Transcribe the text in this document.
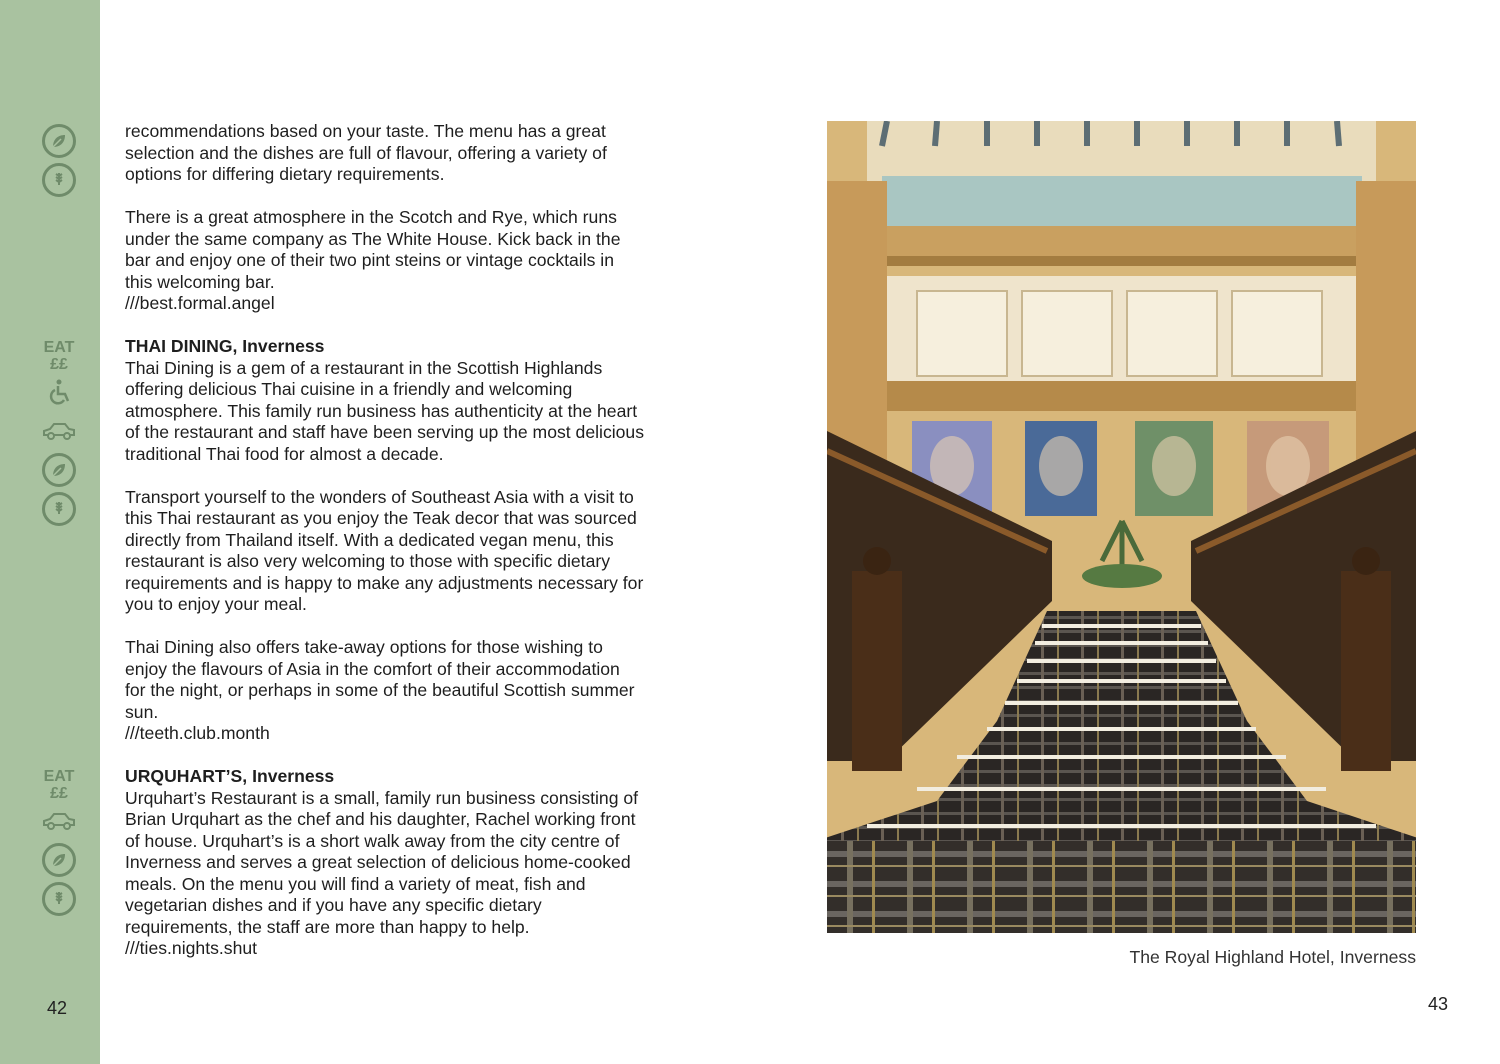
EAT
££
EAT
££
42

recommendations based on your taste. The menu has a great selection and the dishes are full of flavour, offering a variety of options for differing dietary requirements.

There is a great atmosphere in the Scotch and Rye, which runs under the same company as The White House. Kick back in the bar and enjoy one of their two pint steins or vintage cocktails in this welcoming bar.

///best.formal.angel

THAI DINING, Inverness

Thai Dining is a gem of a restaurant in the Scottish Highlands offering delicious Thai cuisine in a friendly and welcoming atmosphere. This family run business has authenticity at the heart of the restaurant and staff have been serving up the most delicious traditional Thai food for almost a decade.

Transport yourself to the wonders of Southeast Asia with a visit to this Thai restaurant as you enjoy the Teak decor that was sourced directly from Thailand itself. With a dedicated vegan menu, this restaurant is also very welcoming to those with specific dietary requirements and is happy to make any adjustments necessary for you to enjoy your meal.

Thai Dining also offers take-away options for those wishing to enjoy the flavours of Asia in the comfort of their accommodation for the night, or perhaps in some of the beautiful Scottish summer sun.

///teeth.club.month

URQUHART’S, Inverness

Urquhart’s Restaurant is a small, family run business consisting of Brian Urquhart as the chef and his daughter, Rachel working front of house. Urquhart’s is a short walk away from the city centre of Inverness and serves a great selection of delicious home-cooked meals. On the menu you will find a variety of meat, fish and vegetarian dishes and if you have any specific dietary requirements, the staff are more than happy to help.

///ties.nights.shut	The Royal Highland Hotel, Inverness
43
